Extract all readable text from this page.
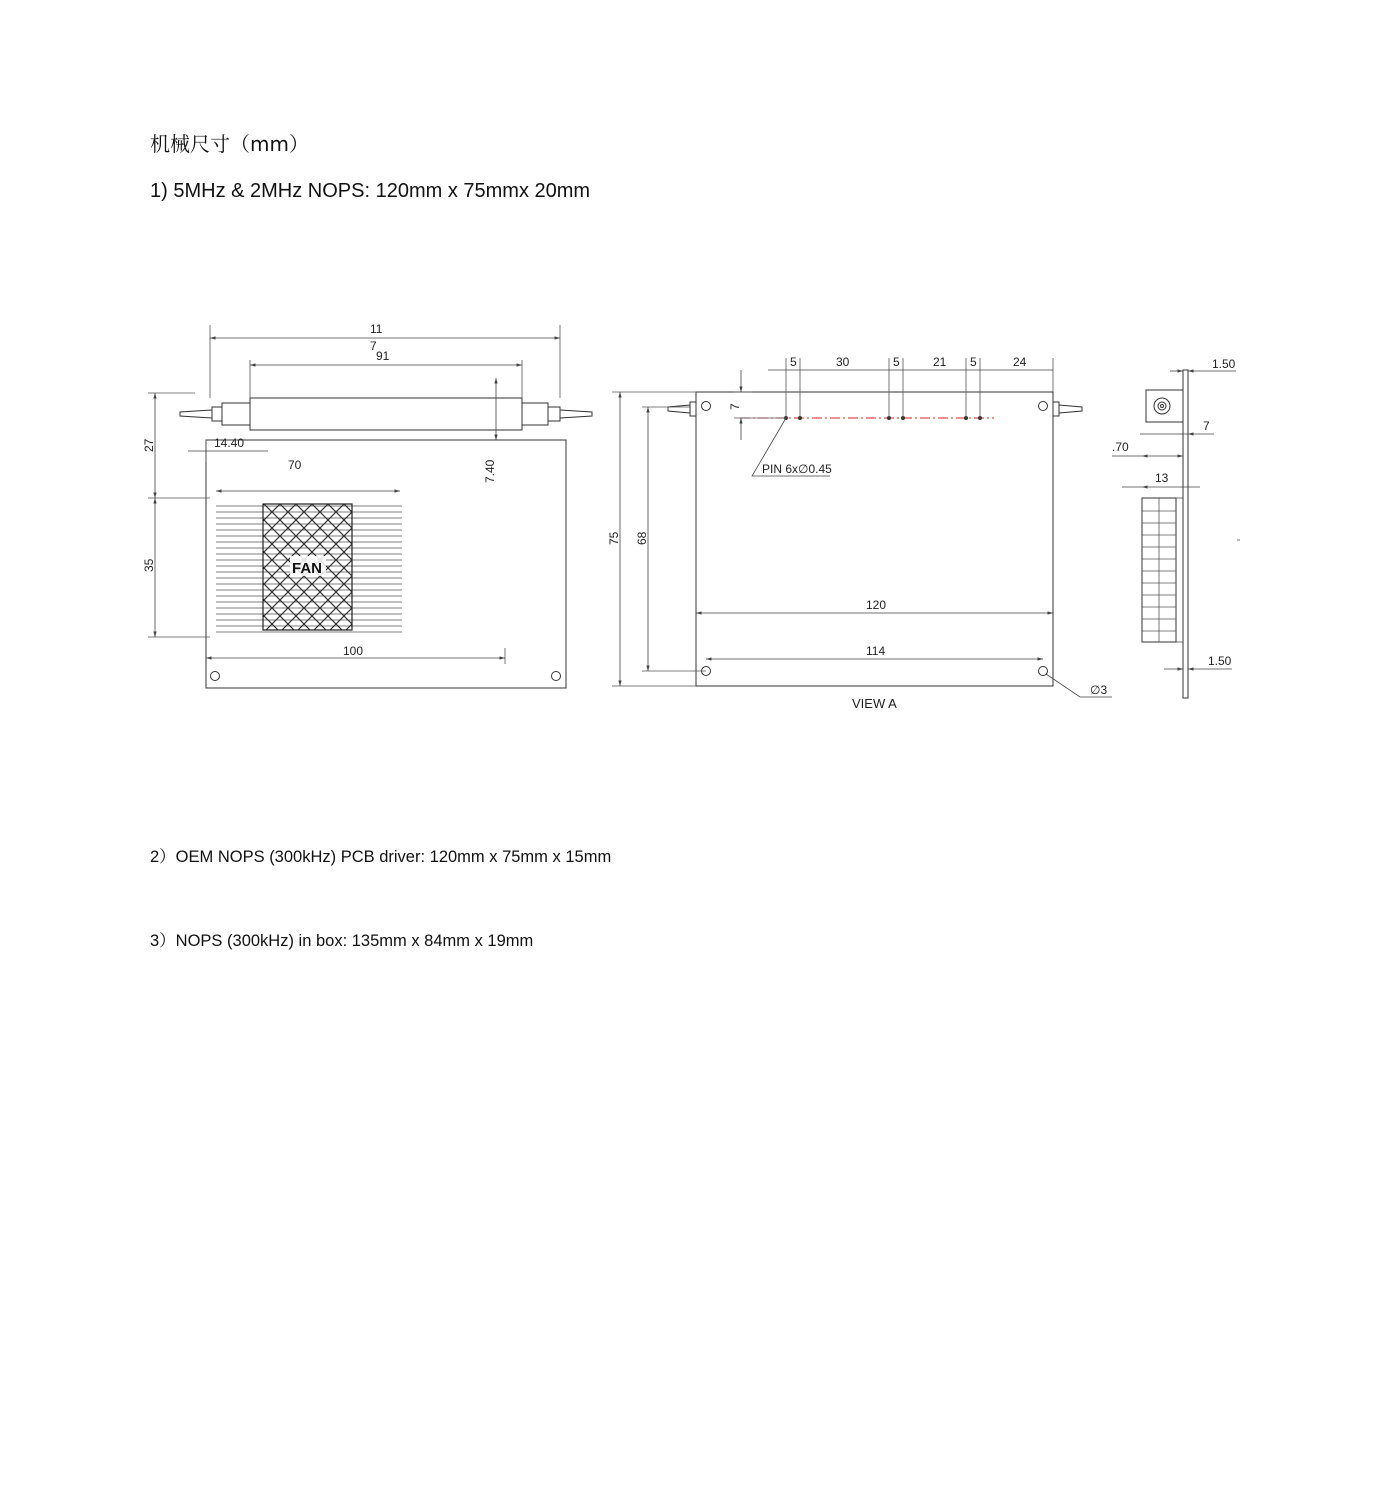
机械尺寸（mm）
1) 5MHz & 2MHz NOPS: 120mm x 75mmx 20mm
2）OEM NOPS (300kHz) PCB driver: 120mm x 75mm x 15mm
3）NOPS (300kHz) in box: 135mm x 84mm x 19mm
11
7
91
14.40
7.40
70
FAN
27
35
100
5	30	5	21 5	24
7
PIN 6x∅0.45
75 68
120
114
∅3
VIEW A
1.50
7
.70
13
1.50
